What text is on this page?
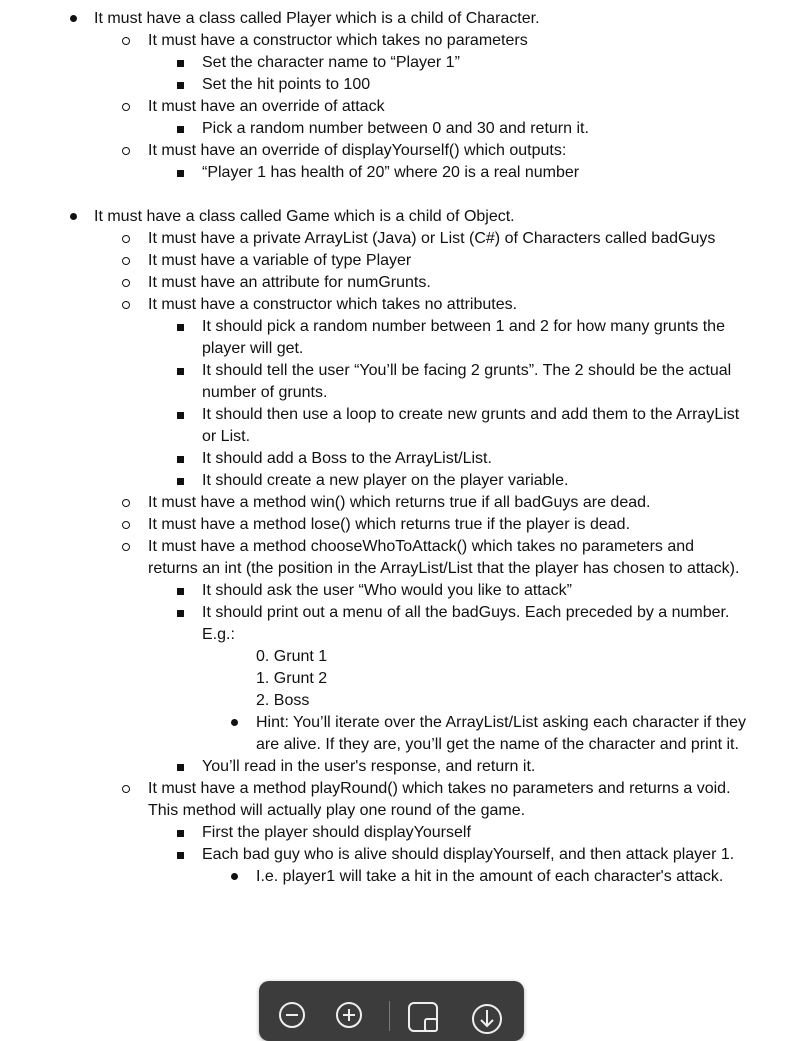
It must have a class called Player which is a child of Character.
It must have a constructor which takes no parameters
Set the character name to “Player 1”
Set the hit points to 100
It must have an override of attack
Pick a random number between 0 and 30 and return it.
It must have an override of displayYourself() which outputs:
“Player 1 has health of 20” where 20 is a real number
It must have a class called Game which is a child of Object.
It must have a private ArrayList (Java) or List (C#) of Characters called badGuys
It must have a variable of type Player
It must have an attribute for numGrunts.
It must have a constructor which takes no attributes.
It should pick a random number between 1 and 2 for how many grunts the player will get.
It should tell the user “You’ll be facing 2 grunts”. The 2 should be the actual number of grunts.
It should then use a loop to create new grunts and add them to the ArrayList or List.
It should add a Boss to the ArrayList/List.
It should create a new player on the player variable.
It must have a method win() which returns true if all badGuys are dead.
It must have a method lose() which returns true if the player is dead.
It must have a method chooseWhoToAttack() which takes no parameters and returns an int (the position in the ArrayList/List that the player has chosen to attack).
It should ask the user “Who would you like to attack”
It should print out a menu of all the badGuys. Each preceded by a number. E.g.:
0. Grunt 1
1. Grunt 2
2. Boss
Hint: You’ll iterate over the ArrayList/List asking each character if they are alive. If they are, you’ll get the name of the character and print it.
You’ll read in the user's response, and return it.
It must have a method playRound() which takes no parameters and returns a void. This method will actually play one round of the game.
First the player should displayYourself
Each bad guy who is alive should displayYourself, and then attack player 1.
I.e. player1 will take a hit in the amount of each character's attack.
